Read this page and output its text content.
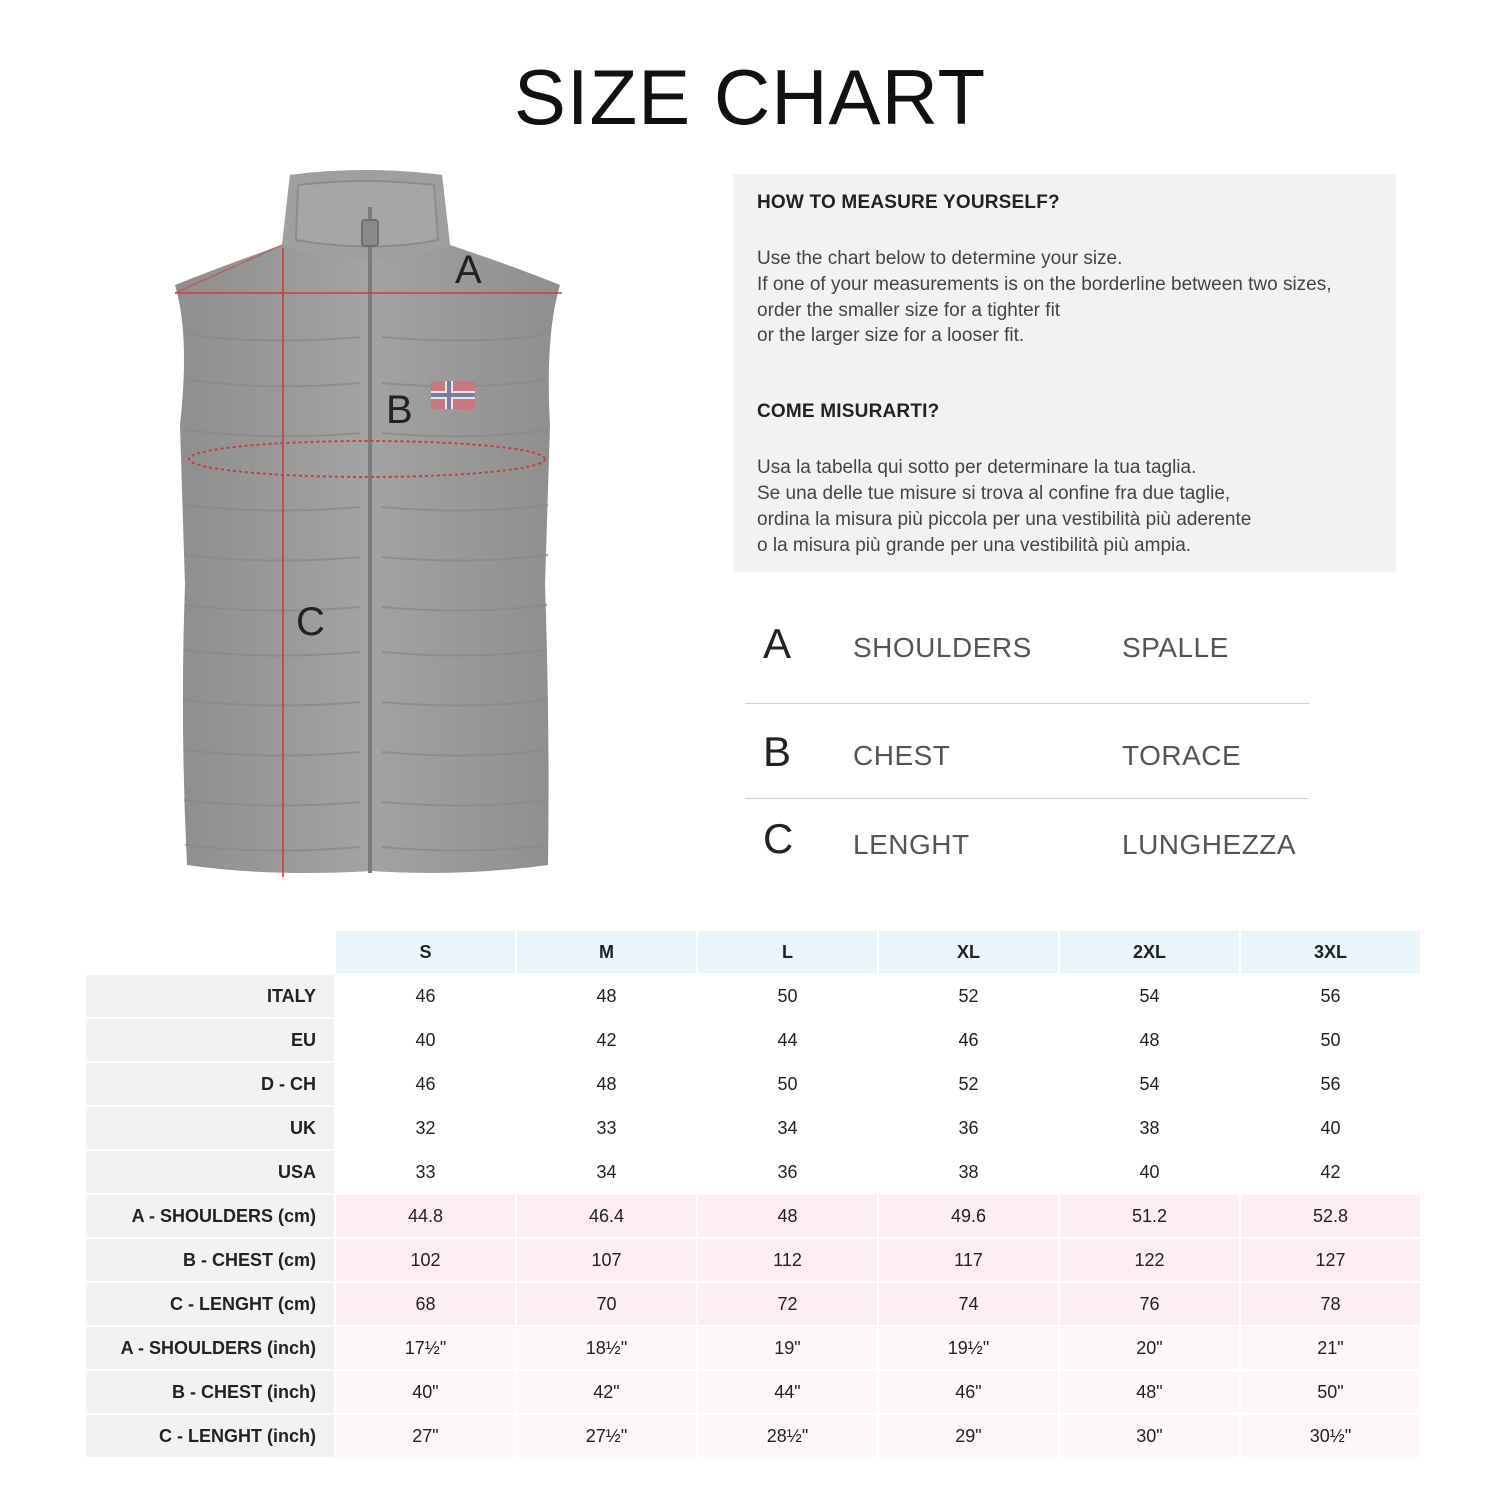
SIZE CHART
A
B
C
HOW TO MEASURE YOURSELF?

Use the chart below to determine your size.
If one of your measurements is on the borderline between two sizes,
order the smaller size for a tighter fit
or the larger size for a looser fit.

COME MISURARTI?

Usa la tabella qui sotto per determinare la tua taglia.
Se una delle tue misure si trova al confine fra due taglie,
ordina la misura più piccola per una vestibilità più aderente
o la misura più grande per una vestibilità più ampia.

A SHOULDERS	SPALLE
B CHEST	TORACE
C LENGHT	LUNGHEZZA
	S	M	L	XL	2XL	3XL
ITALY	46	48	50	52	54	56
EU	40	42	44	46	48	50
D - CH	46	48	50	52	54	56
UK	32	33	34	36	38	40
USA	33	34	36	38	40	42
A - SHOULDERS (cm)	44.8	46.4	48	49.6	51.2	52.8
B - CHEST (cm)	102	107	112	117	122	127
C - LENGHT (cm)	68	70	72	74	76	78
A - SHOULDERS (inch)	17½"	18½"	19"	19½"	20"	21"
B - CHEST (inch)	40"	42"	44"	46"	48"	50"
C - LENGHT (inch)	27"	27½"	28½"	29"	30"	30½"
